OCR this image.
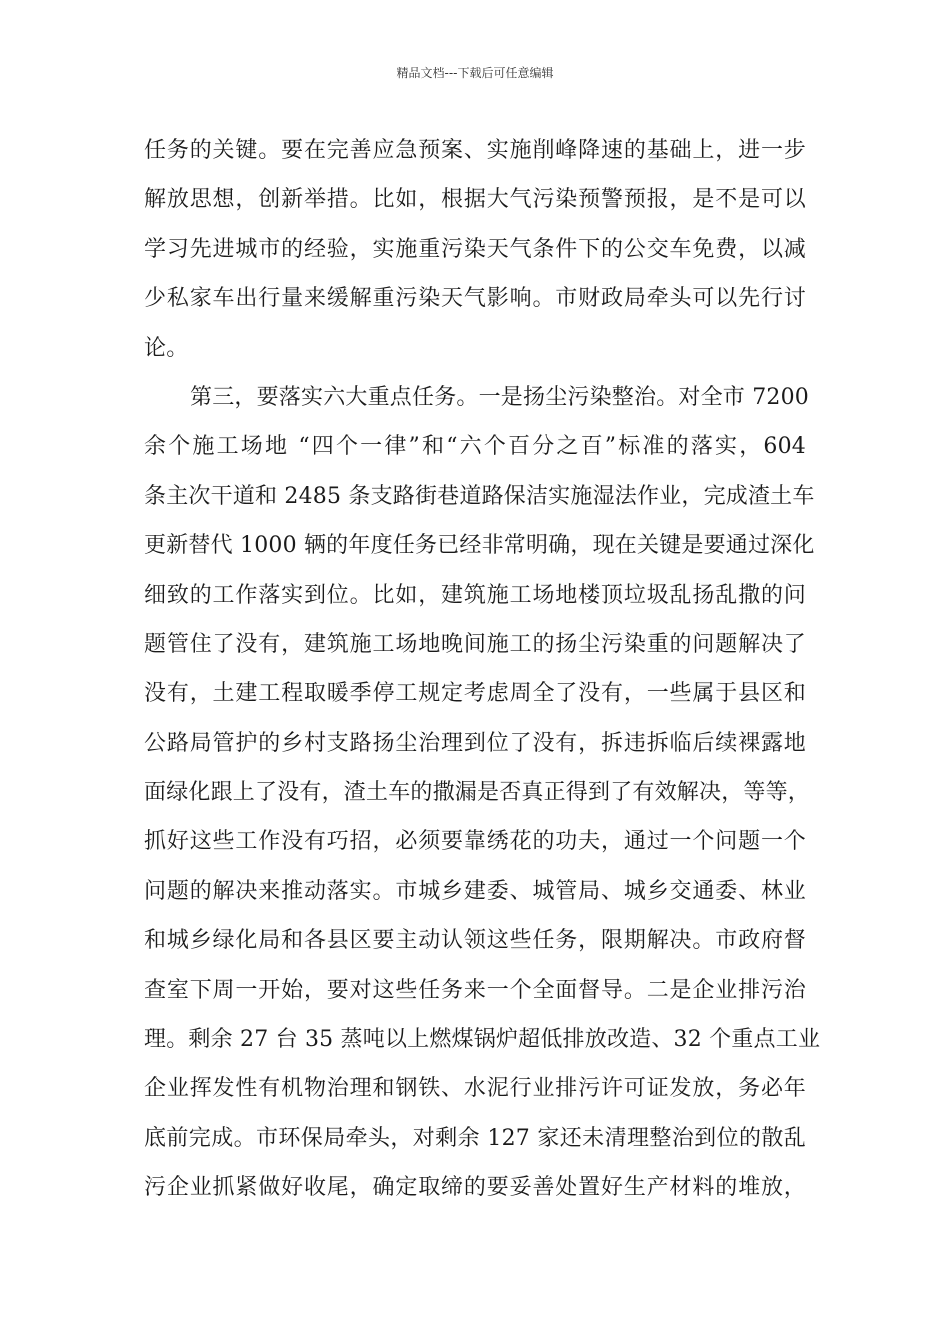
精品文档---下载后可任意编辑
任务的关键。要在完善应急预案、实施削峰降速的基础上，进一步
解放思想，创新举措。比如，根据大气污染预警预报，是不是可以
学习先进城市的经验，实施重污染天气条件下的公交车免费，以减
少私家车出行量来缓解重污染天气影响。市财政局牵头可以先行讨
论。
第三，要落实六大重点任务。一是扬尘污染整治。对全市 7200
余个施工场地 “四个一律”和“六个百分之百”标准的落实，604
条主次干道和 2485 条支路街巷道路保洁实施湿法作业，完成渣土车
更新替代 1000 辆的年度任务已经非常明确，现在关键是要通过深化
细致的工作落实到位。比如，建筑施工场地楼顶垃圾乱扬乱撒的问
题管住了没有，建筑施工场地晚间施工的扬尘污染重的问题解决了
没有，土建工程取暖季停工规定考虑周全了没有，一些属于县区和
公路局管护的乡村支路扬尘治理到位了没有，拆违拆临后续裸露地
面绿化跟上了没有，渣土车的撒漏是否真正得到了有效解决，等等，
抓好这些工作没有巧招，必须要靠绣花的功夫，通过一个问题一个
问题的解决来推动落实。市城乡建委、城管局、城乡交通委、林业
和城乡绿化局和各县区要主动认领这些任务，限期解决。市政府督
查室下周一开始，要对这些任务来一个全面督导。二是企业排污治
理。剩余 27 台 35 蒸吨以上燃煤锅炉超低排放改造、32 个重点工业
企业挥发性有机物治理和钢铁、水泥行业排污许可证发放，务必年
底前完成。市环保局牵头，对剩余 127 家还未清理整治到位的散乱
污企业抓紧做好收尾，确定取缔的要妥善处置好生产材料的堆放，
